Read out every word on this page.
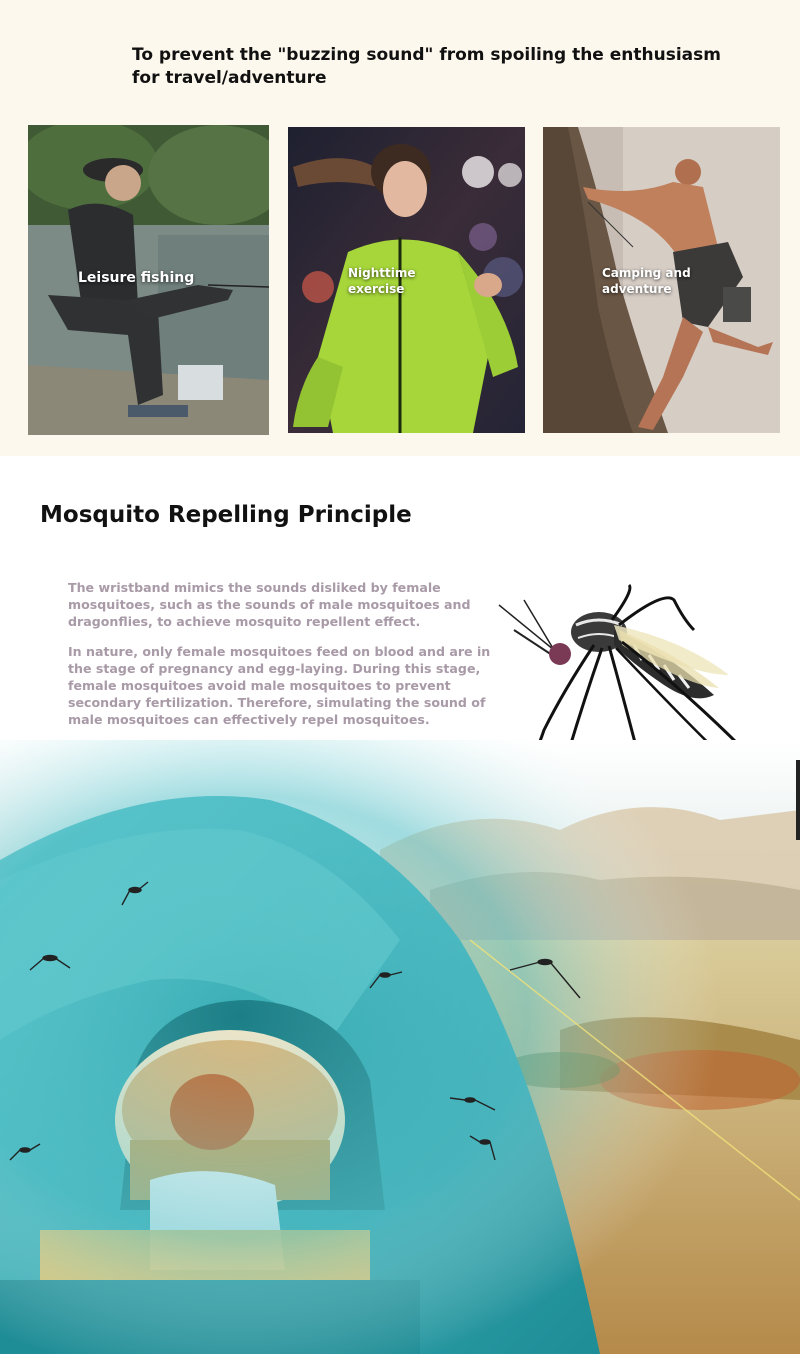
To prevent the "buzzing sound" from spoiling the enthusiasm for travel/adventure
Leisure fishing	Nighttime exercise
Camping and adventure
Mosquito Repelling Principle

The wristband mimics the sounds disliked by female mosquitoes, such as the sounds of male mosquitoes and dragonflies, to achieve mosquito repellent effect.

In nature, only female mosquitoes feed on blood and are in the stage of pregnancy and egg-laying. During this stage, female mosquitoes avoid male mosquitoes to prevent secondary fertilization. Therefore, simulating the sound of male mosquitoes can effectively repel mosquitoes.
